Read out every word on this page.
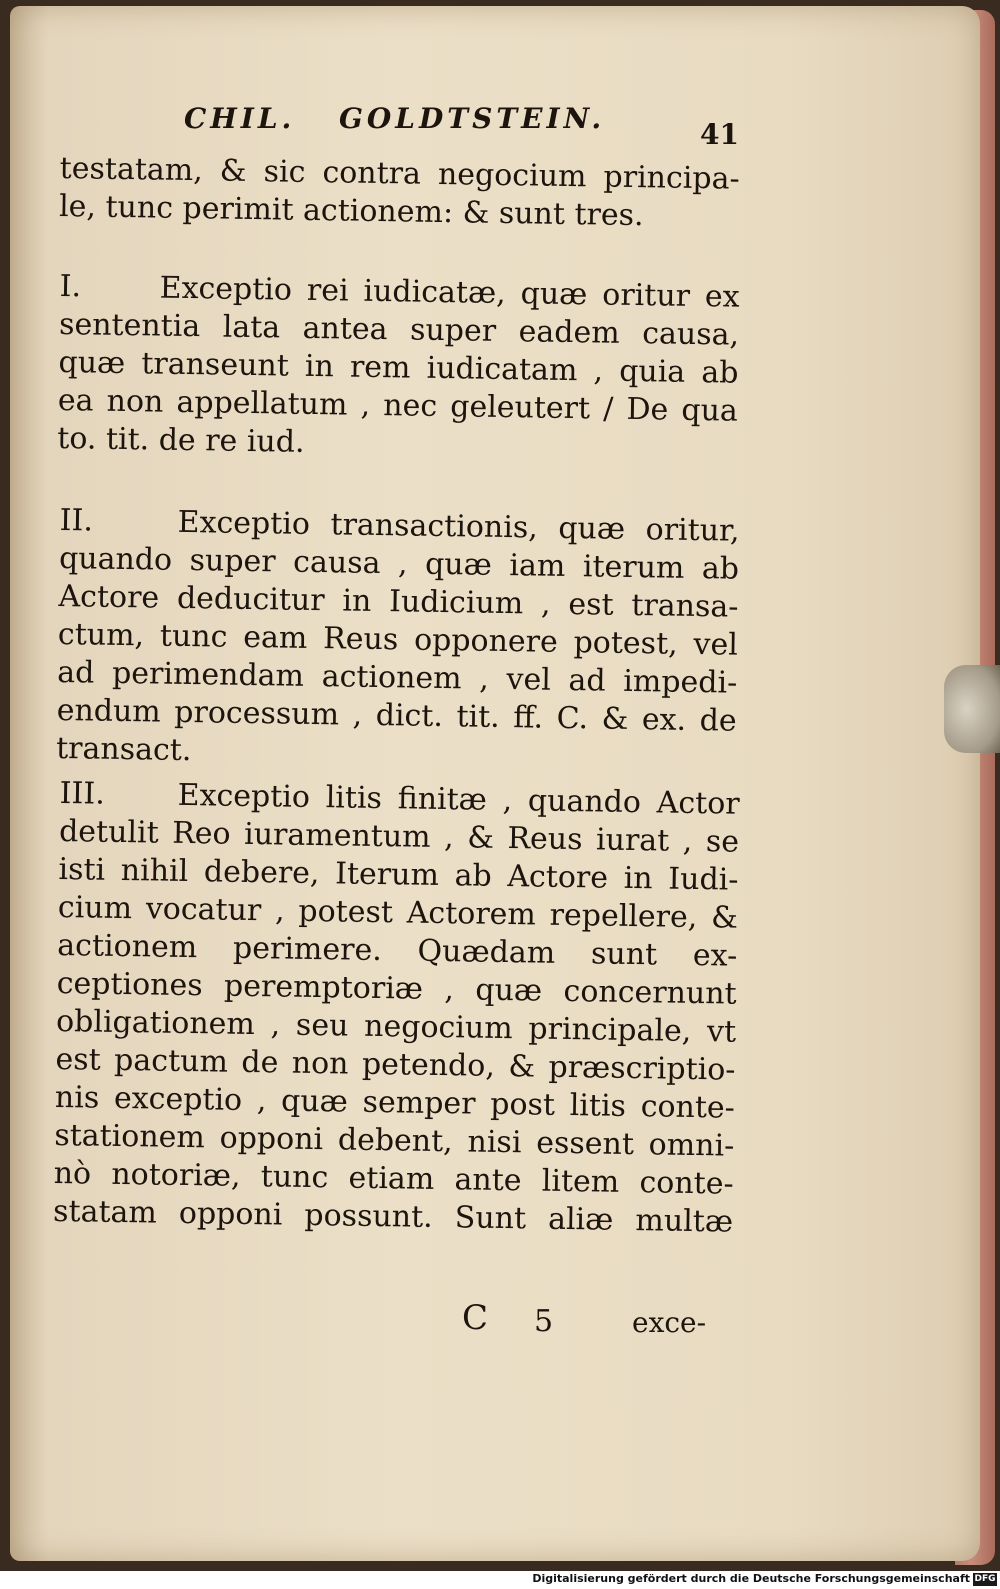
CHIL. GOLDTSTEIN.	41
testatam, & sic contra negocium principa-
le, tunc perimit actionem: & sunt tres.
I.	Exceptio rei iudicatæ, quæ oritur ex
sententia lata antea super eadem causa,
quæ transeunt in rem iudicatam , quia ab
ea non appellatum , nec geleutert / De qua
to. tit. de re iud.
II.	Exceptio transactionis, quæ oritur,
quando super causa , quæ iam iterum ab
Actore deducitur in Iudicium , est transa-
ctum, tunc eam Reus opponere potest, vel
ad perimendam actionem , vel ad impedi-
endum processum , dict. tit. ff. C. & ex. de
transact.
III. Exceptio litis finitæ , quando Actor
detulit Reo iuramentum , & Reus iurat , se
isti nihil debere, Iterum ab Actore in Iudi-
cium vocatur , potest Actorem repellere, &
actionem perimere. Quædam sunt ex-
ceptiones peremptoriæ , quæ concernunt
obligationem , seu negocium principale, vt
est pactum de non petendo, & præscriptio-
nis exceptio , quæ semper post litis conte-
stationem opponi debent, nisi essent omni-
nò notoriæ, tunc etiam ante litem conte-
statam opponi possunt. Sunt aliæ multæ
C 5	exce-
Digitalisierung gefördert durch die Deutsche Forschungsgemeinschaft DFG
